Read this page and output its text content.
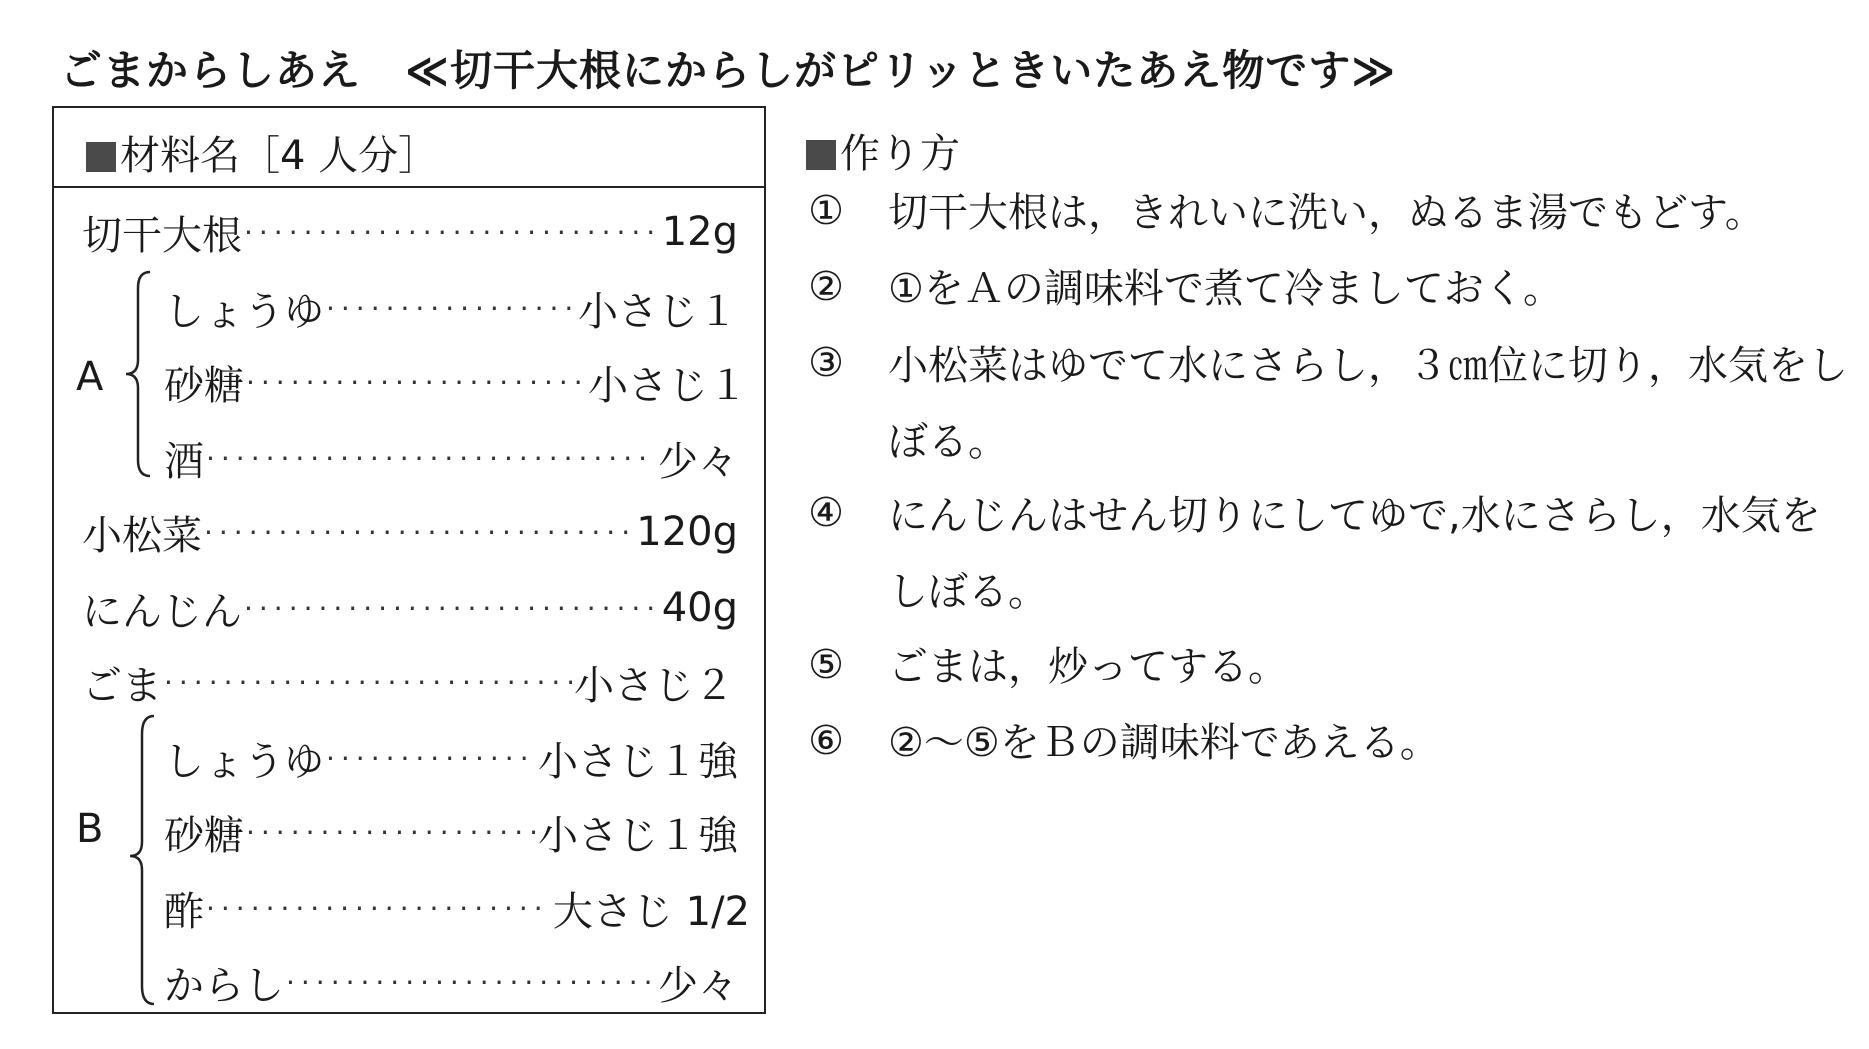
ごまからしあえ ≪切干大根にからしがピリッときいたあえ物です≫
材料名［4 人分］
切干大根 ·····	12g
A
しょうゆ ·····	小さじ１
砂糖 ·····	小さじ１
酒 ·····	少々
小松菜 ·····	120g
にんじん ·····	40g
ごま ·····	小さじ２
B
しょうゆ ·····	小さじ１強
砂糖 ·····	小さじ１強
酢 ·····	大さじ 1/2
からし ·····	少々
作り方
①	切干大根は，きれいに洗い，ぬるま湯でもどす。
②	①をＡの調味料で煮て冷ましておく。
③	小松菜はゆでて水にさらし，３㎝位に切り，水気をしぼる。
④	にんじんはせん切りにしてゆで,水にさらし，水気をしぼる。
⑤	ごまは，炒ってする。
⑥	②～⑤をＢの調味料であえる。
